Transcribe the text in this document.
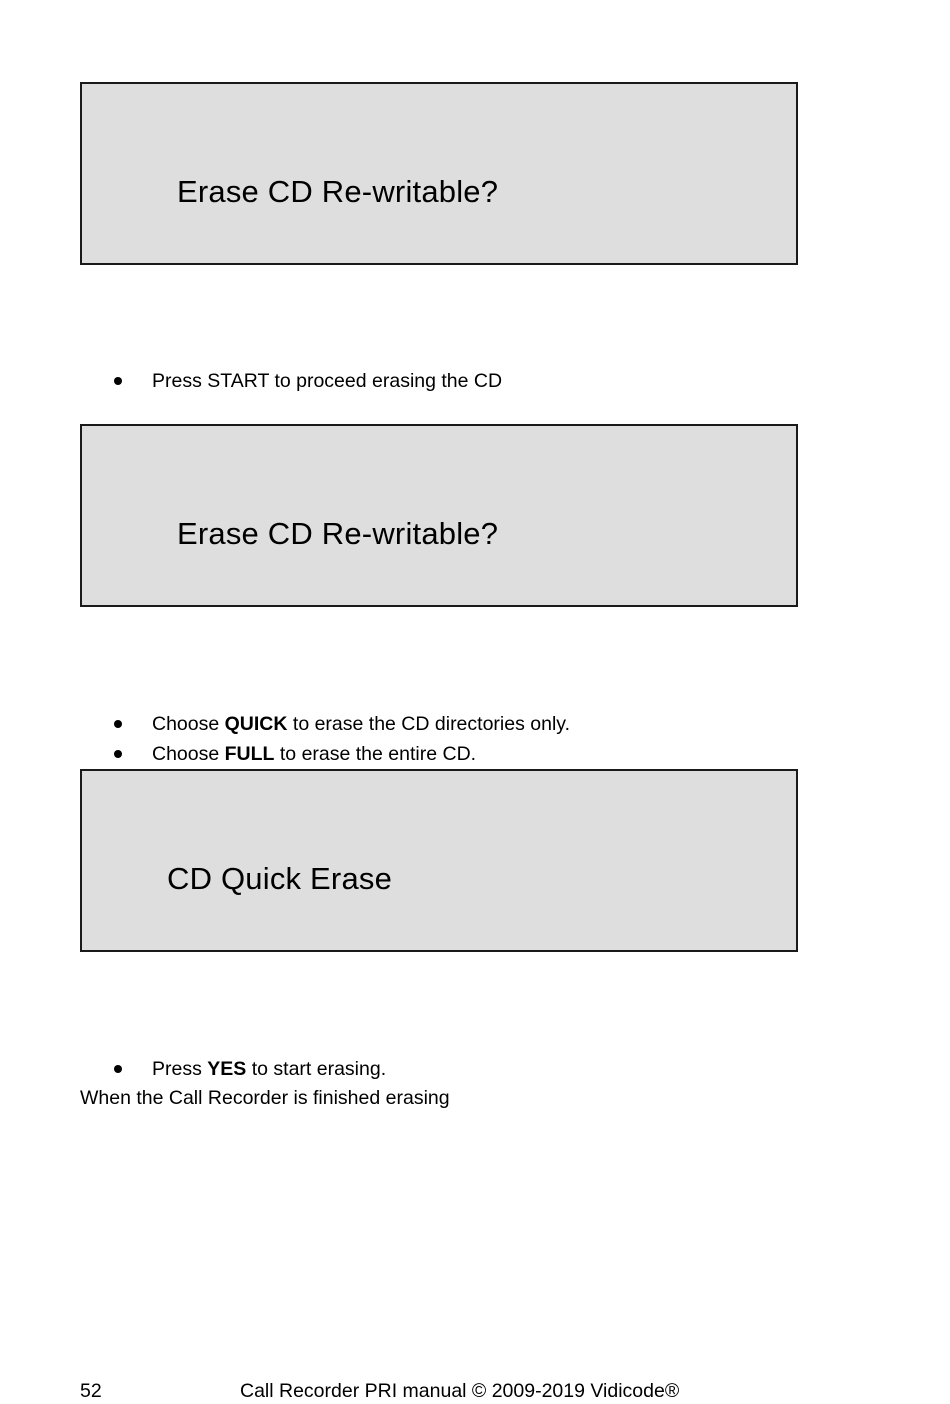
Erase CD Re-writable?
Press START to proceed erasing the CD
Erase CD Re-writable?
Choose QUICK to erase the CD directories only.
Choose FULL to erase the entire CD.
CD Quick Erase
Press YES to start erasing.
When the Call Recorder is finished erasing
52	Call Recorder PRI manual © 2009-2019 Vidicode®
